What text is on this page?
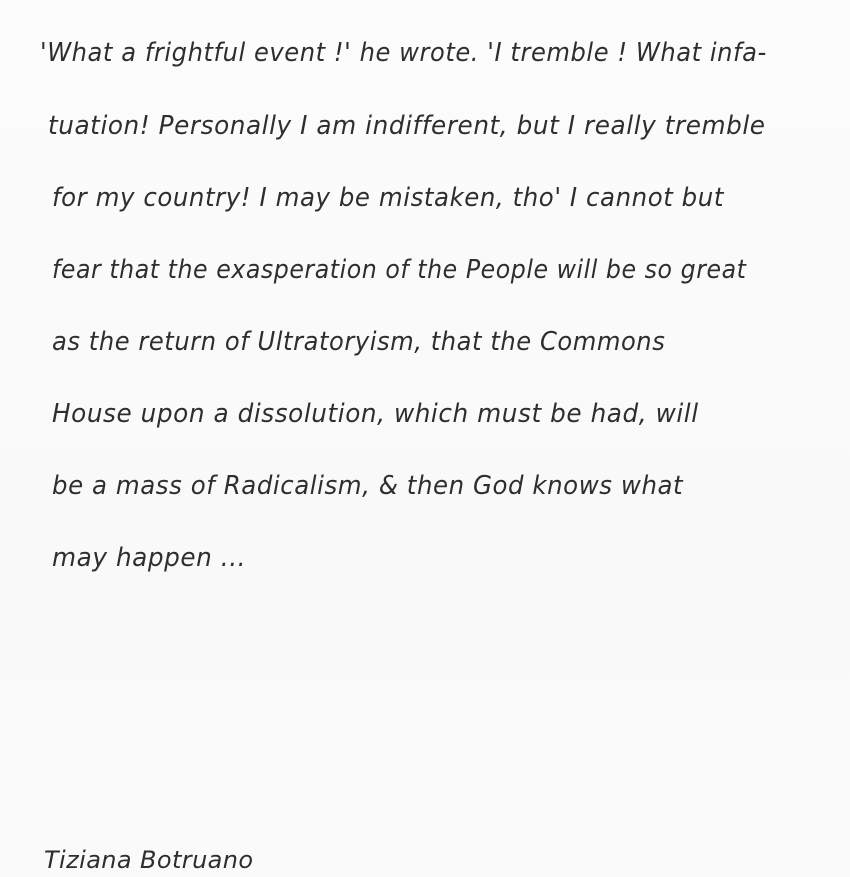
'What a frightful event !' he wrote. 'I tremble ! What infa-
tuation! Personally I am indifferent, but I really tremble
for my country! I may be mistaken, tho' I cannot but
fear that the exasperation of the People will be so great
as the return of Ultratoryism, that the Commons
House upon a dissolution, which must be had, will
be a mass of Radicalism, & then God knows what
may happen ...
Tiziana Botruano
